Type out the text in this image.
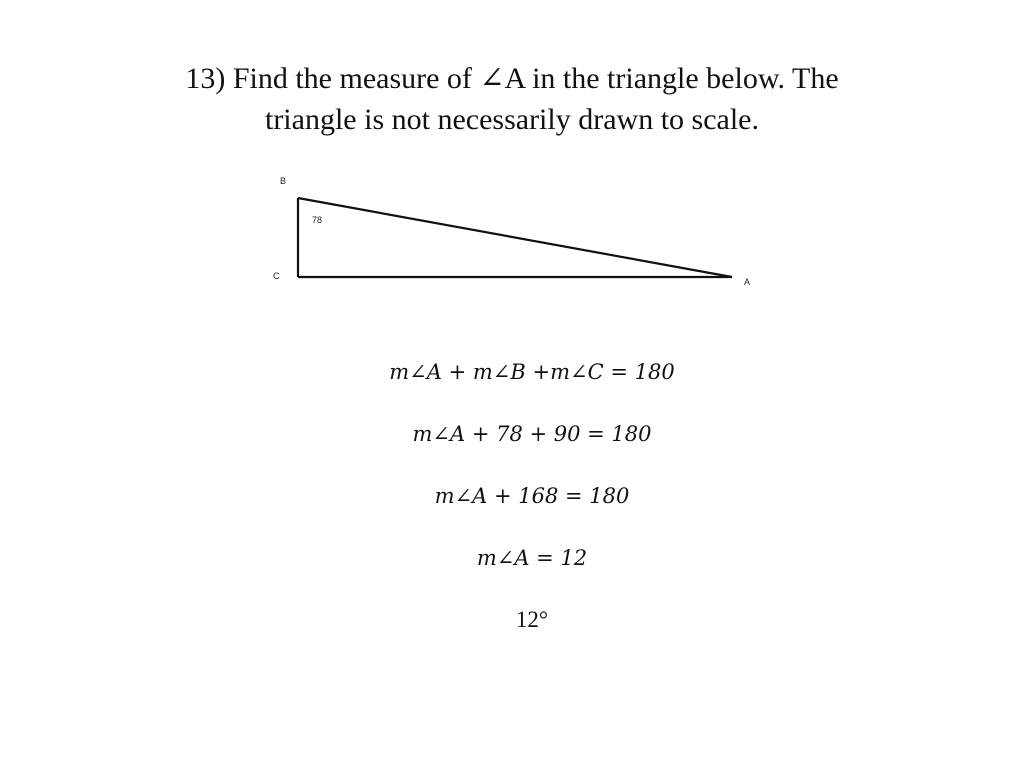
13) Find the measure of ∠A in the triangle below. The
triangle is not necessarily drawn to scale.
B
C
A
78
m∠A + m∠B +m∠C = 180
m∠A + 78 + 90 = 180
m∠A + 168 = 180
m∠A = 12
12°
